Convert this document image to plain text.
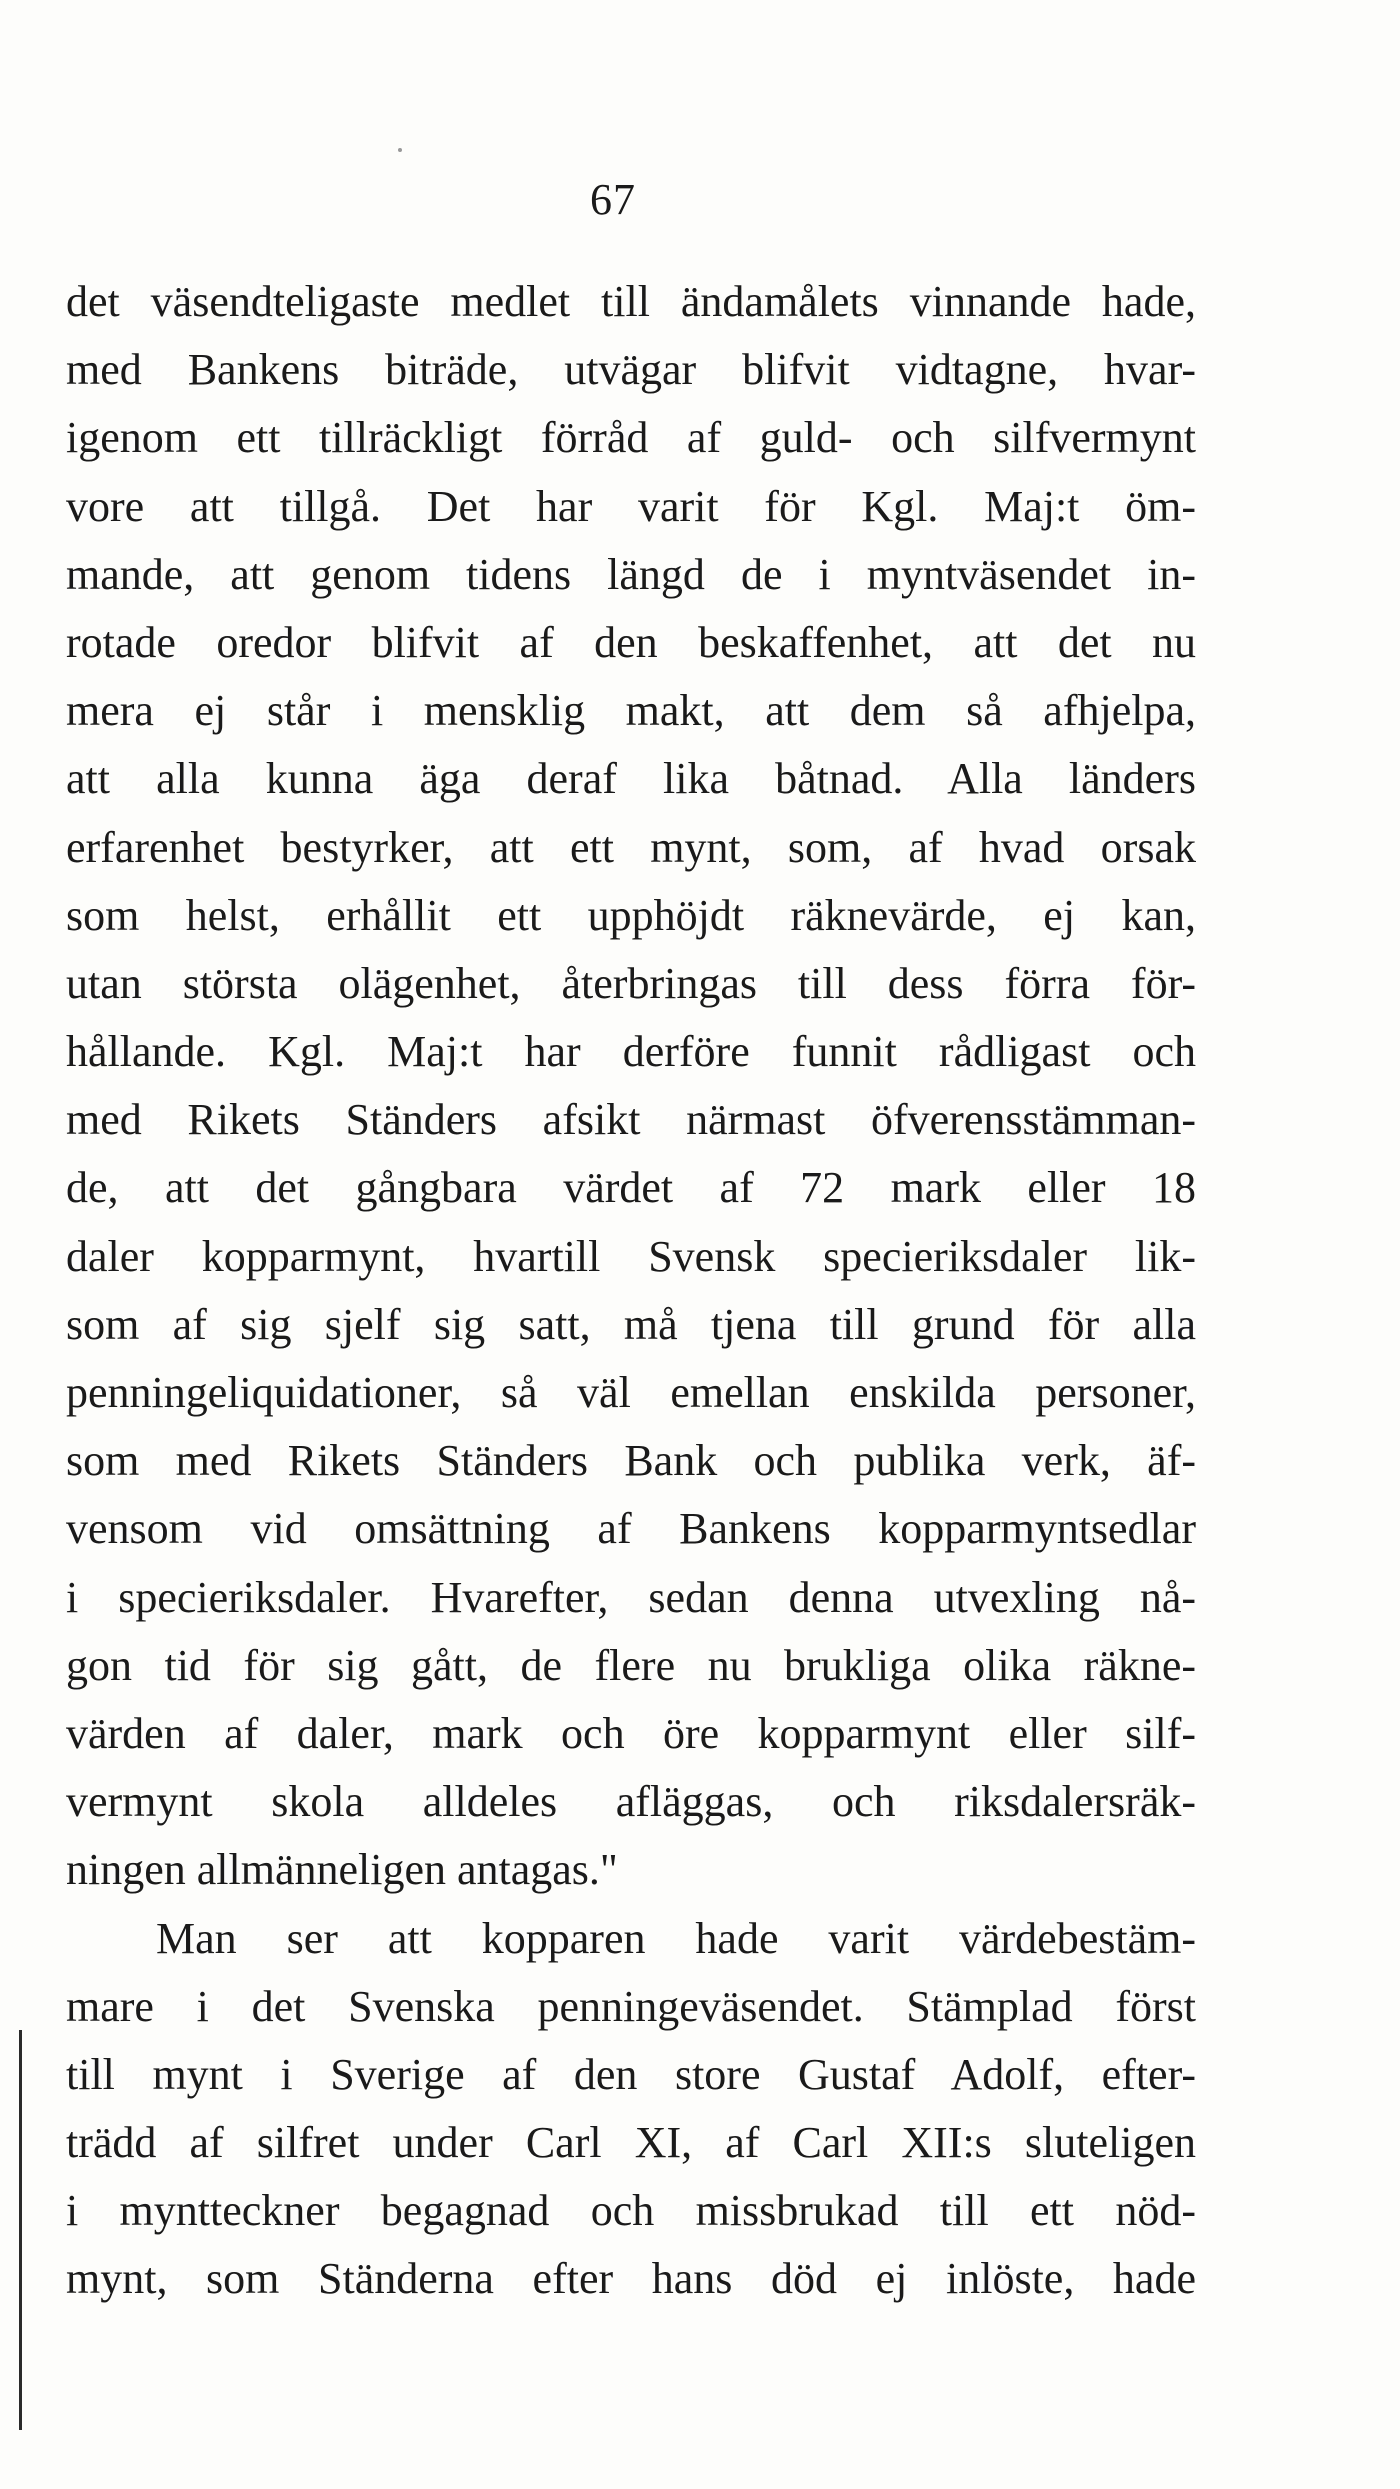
67
det väsendteligaste medlet till ändamålets vinnande hade,
med Bankens biträde, utvägar blifvit vidtagne, hvar-
igenom ett tillräckligt förråd af guld- och silfvermynt
vore att tillgå. Det har varit för Kgl. Maj:t öm-
mande, att genom tidens längd de i myntväsendet in-
rotade oredor blifvit af den beskaffenhet, att det nu
mera ej står i mensklig makt, att dem så afhjelpa,
att alla kunna äga deraf lika båtnad. Alla länders
erfarenhet bestyrker, att ett mynt, som, af hvad orsak
som helst, erhållit ett upphöjdt räknevärde, ej kan,
utan största olägenhet, återbringas till dess förra för-
hållande. Kgl. Maj:t har derföre funnit rådligast och
med Rikets Ständers afsikt närmast öfverensstämman-
de, att det gångbara värdet af 72 mark eller 18
daler kopparmynt, hvartill Svensk specieriksdaler lik-
som af sig sjelf sig satt, må tjena till grund för alla
penningeliquidationer, så väl emellan enskilda personer,
som med Rikets Ständers Bank och publika verk, äf-
vensom vid omsättning af Bankens kopparmyntsedlar
i specieriksdaler. Hvarefter, sedan denna utvexling nå-
gon tid för sig gått, de flere nu brukliga olika räkne-
värden af daler, mark och öre kopparmynt eller silf-
vermynt skola alldeles afläggas, och riksdalersräk-
ningen allmänneligen antagas."
Man ser att kopparen hade varit värdebestäm-
mare i det Svenska penningeväsendet. Stämplad först
till mynt i Sverige af den store Gustaf Adolf, efter-
trädd af silfret under Carl XI, af Carl XII:s sluteligen
i myntteckner begagnad och missbrukad till ett nöd-
mynt, som Ständerna efter hans död ej inlöste, hade
